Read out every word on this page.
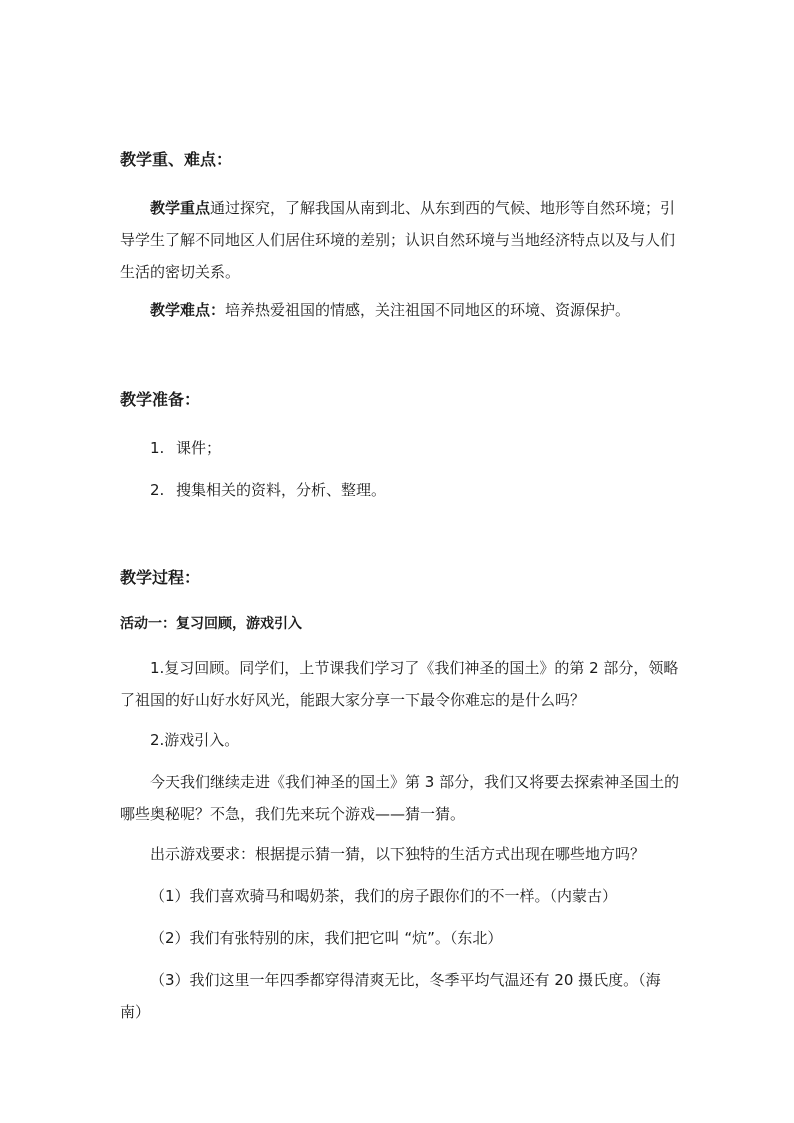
教学重、难点：
教学重点通过探究，了解我国从南到北、从东到西的气候、地形等自然环境；引导学生了解不同地区人们居住环境的差别；认识自然环境与当地经济特点以及与人们生活的密切关系。
教学难点：培养热爱祖国的情感，关注祖国不同地区的环境、资源保护。
教学准备：
1. 课件；
2. 搜集相关的资料，分析、整理。
教学过程：
活动一：复习回顾，游戏引入
1.复习回顾。同学们，上节课我们学习了《我们神圣的国土》的第 2 部分，领略了祖国的好山好水好风光，能跟大家分享一下最令你难忘的是什么吗？
2.游戏引入。
今天我们继续走进《我们神圣的国土》第 3 部分，我们又将要去探索神圣国土的哪些奥秘呢？不急，我们先来玩个游戏——猜一猜。
出示游戏要求：根据提示猜一猜，以下独特的生活方式出现在哪些地方吗？
（1）我们喜欢骑马和喝奶茶，我们的房子跟你们的不一样。（内蒙古）
（2）我们有张特别的床，我们把它叫 “炕”。（东北）
（3）我们这里一年四季都穿得清爽无比，冬季平均气温还有 20 摄氏度。（海南）
